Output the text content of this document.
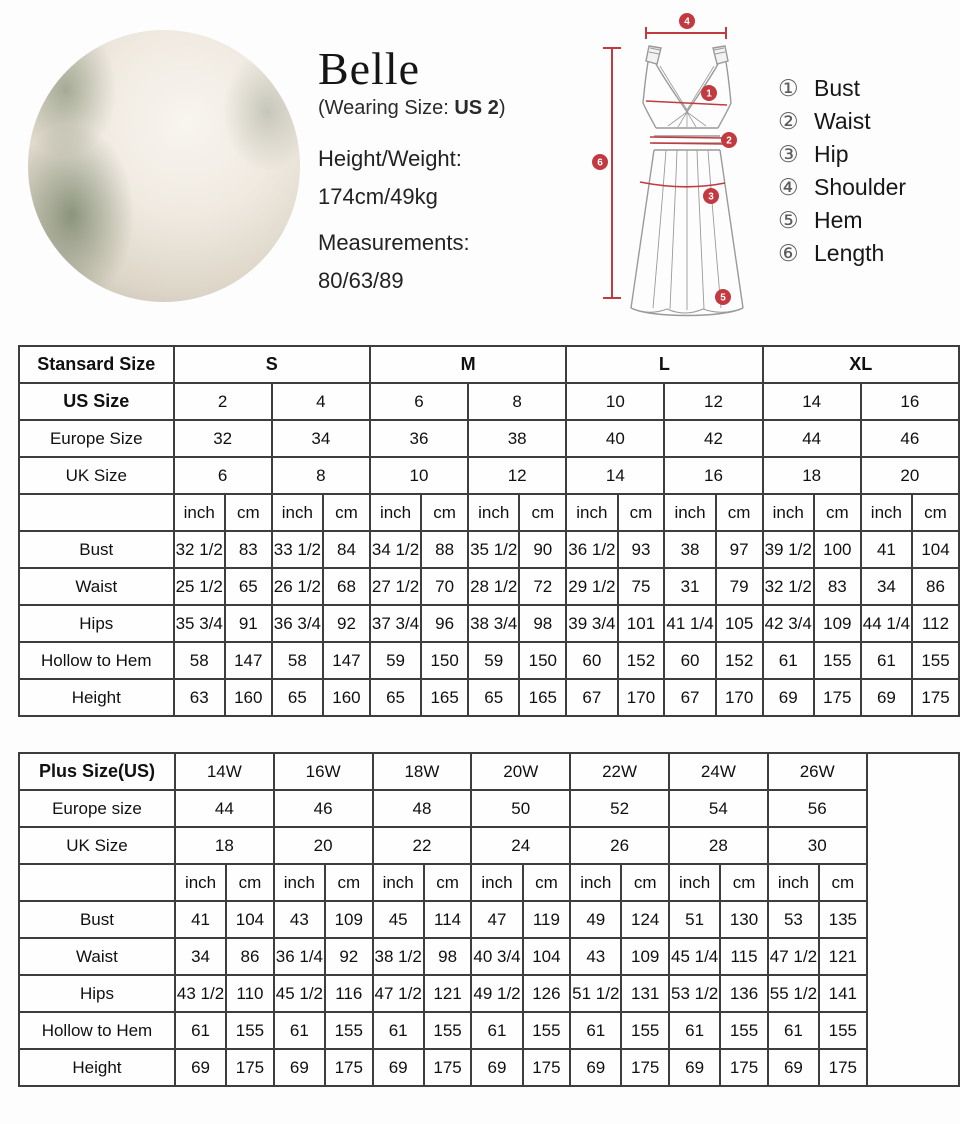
Belle
(Wearing Size: US 2)
Height/Weight:
174cm/49kg
Measurements:
80/63/89
4
6
1
2
3
5
① Bust
② Waist
③ Hip
④ Shoulder
⑤ Hem
⑥ Length
Stansard Size	S				M				L				XL			
US Size	2		4		6		8		10		12		14		16	
Europe Size	32		34		36		38		40		42		44		46	
UK Size	6		8		10		12		14		16		18		20	
	inch	cm	inch	cm	inch	cm	inch	cm	inch	cm	inch	cm	inch	cm	inch	cm
Bust	32 1/2	83	33 1/2	84	34 1/2	88	35 1/2	90	36 1/2	93	38	97	39 1/2	100	41	104
Waist	25 1/2	65	26 1/2	68	27 1/2	70	28 1/2	72	29 1/2	75	31	79	32 1/2	83	34	86
Hips	35 3/4	91	36 3/4	92	37 3/4	96	38 3/4	98	39 3/4	101	41 1/4	105	42 3/4	109	44 1/4	112
Hollow to Hem	58	147	58	147	59	150	59	150	60	152	60	152	61	155	61	155
Height	63	160	65	160	65	165	65	165	67	170	67	170	69	175	69	175
Plus Size(US)	14W		16W		18W		20W		22W		24W		26W		
Europe size	44		46		48		50		52		54		56		
UK Size	18		20		22		24		26		28		30		
	inch	cm	inch	cm	inch	cm	inch	cm	inch	cm	inch	cm	inch	cm	
Bust	41	104	43	109	45	114	47	119	49	124	51	130	53	135	
Waist	34	86	36 1/4	92	38 1/2	98	40 3/4	104	43	109	45 1/4	115	47 1/2	121	
Hips	43 1/2	110	45 1/2	116	47 1/2	121	49 1/2	126	51 1/2	131	53 1/2	136	55 1/2	141	
Hollow to Hem	61	155	61	155	61	155	61	155	61	155	61	155	61	155	
Height	69	175	69	175	69	175	69	175	69	175	69	175	69	175	
